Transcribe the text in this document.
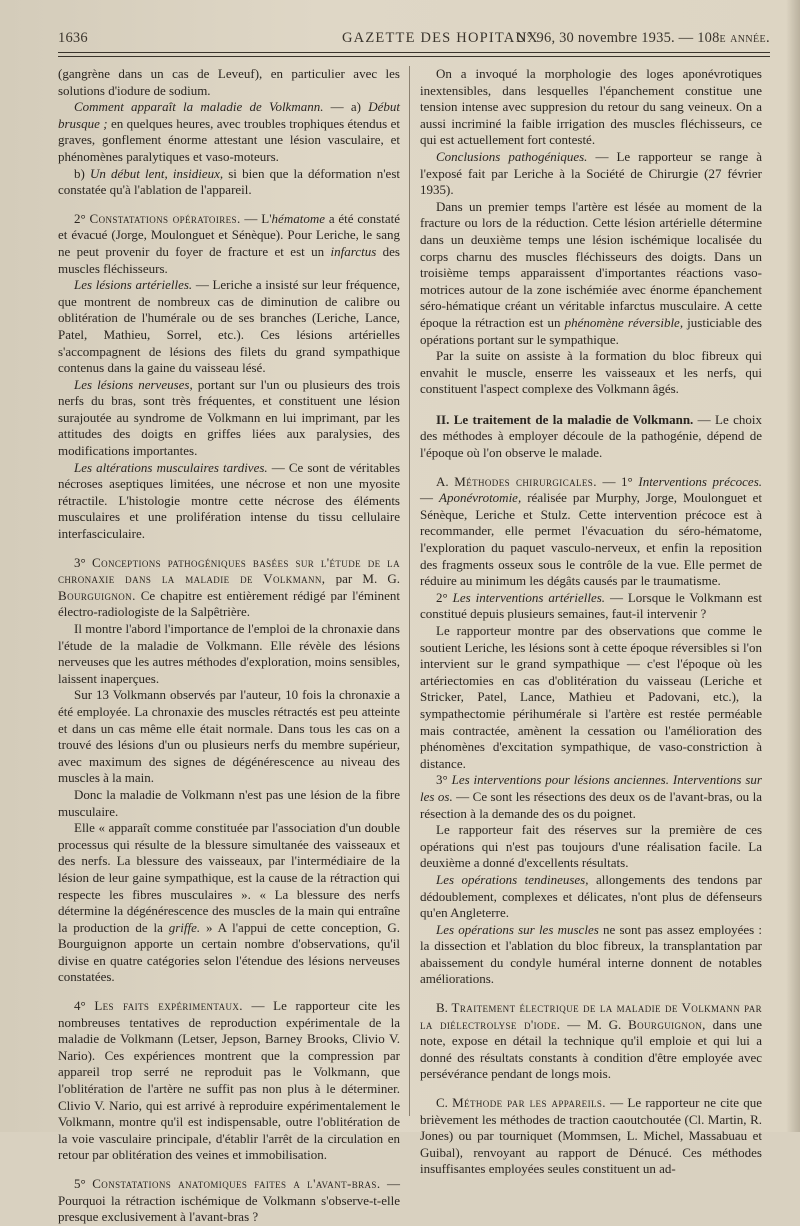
1636	GAZETTE DES HOPITAUX
N° 96, 30 novembre 1935. — 108e année.

(gangrène dans un cas de Leveuf), en particulier avec les solutions d'iodure de sodium.

Comment apparaît la maladie de Volkmann. — a) Début brusque ; en quelques heures, avec troubles trophiques étendus et graves, gonflement énorme attestant une lésion vasculaire, et phénomènes paralytiques et vaso-moteurs.

b) Un début lent, insidieux, si bien que la déformation n'est constatée qu'à l'ablation de l'appareil.

2° Constatations opératoires. — L'hématome a été constaté et évacué (Jorge, Moulonguet et Sénèque). Pour Leriche, le sang ne peut provenir du foyer de fracture et est un infarctus des muscles fléchisseurs.

Les lésions artérielles. — Leriche a insisté sur leur fréquence, que montrent de nombreux cas de diminution de calibre ou oblitération de l'humérale ou de ses branches (Leriche, Lance, Patel, Mathieu, Sorrel, etc.). Ces lésions artérielles s'accompagnent de lésions des filets du grand sympathique contenus dans la gaine du vaisseau lésé.

Les lésions nerveuses, portant sur l'un ou plusieurs des trois nerfs du bras, sont très fréquentes, et constituent une lésion surajoutée au syndrome de Volkmann en lui imprimant, par les attitudes des doigts en griffes liées aux paralysies, des modifications importantes.

Les altérations musculaires tardives. — Ce sont de véritables nécroses aseptiques limitées, une nécrose et non une myosite rétractile. L'histologie montre cette nécrose des éléments musculaires et une prolifération intense du tissu cellulaire interfasciculaire.

3° Conceptions pathogéniques basées sur l'étude de la chronaxie dans la maladie de Volkmann, par M. G. Bourguignon. Ce chapitre est entièrement rédigé par l'éminent électro-radiologiste de la Salpêtrière.

Il montre l'abord l'importance de l'emploi de la chronaxie dans l'étude de la maladie de Volkmann. Elle révèle des lésions nerveuses que les autres méthodes d'exploration, moins sensibles, laissent inaperçues.

Sur 13 Volkmann observés par l'auteur, 10 fois la chronaxie a été employée. La chronaxie des muscles rétractés est peu atteinte et dans un cas même elle était normale. Dans tous les cas on a trouvé des lésions d'un ou plusieurs nerfs du membre supérieur, avec maximum des signes de dégénérescence au niveau des muscles à la main.

Donc la maladie de Volkmann n'est pas une lésion de la fibre musculaire.

Elle « apparaît comme constituée par l'association d'un double processus qui résulte de la blessure simultanée des vaisseaux et des nerfs. La blessure des vaisseaux, par l'intermédiaire de la lésion de leur gaine sympathique, est la cause de la rétraction qui respecte les fibres musculaires ». « La blessure des nerfs détermine la dégénérescence des muscles de la main qui entraîne la production de la griffe. » A l'appui de cette conception, G. Bourguignon apporte un certain nombre d'observations, qu'il divise en quatre catégories selon l'étendue des lésions nerveuses constatées.

4° Les faits expérimentaux. — Le rapporteur cite les nombreuses tentatives de reproduction expérimentale de la maladie de Volkmann (Letser, Jepson, Barney Brooks, Clivio V. Nario). Ces expériences montrent que la compression par appareil trop serré ne reproduit pas le Volkmann, que l'oblitération de l'artère ne suffit pas non plus à le déterminer. Clivio V. Nario, qui est arrivé à reproduire expérimentalement le Volkmann, montre qu'il est indispensable, outre l'oblitération de la voie vasculaire principale, d'établir l'arrêt de la circulation en retour par oblitération des veines et immobilisation.

5° Constatations anatomiques faites a l'avant-bras. — Pourquoi la rétraction ischémique de Volkmann s'observe-t-elle presque exclusivement à l'avant-bras ?

On a invoqué la morphologie des loges aponévrotiques inextensibles, dans lesquelles l'épanchement constitue une tension intense avec suppresion du retour du sang veineux. On a aussi incriminé la faible irrigation des muscles fléchisseurs, ce qui est actuellement fort contesté.

Conclusions pathogéniques. — Le rapporteur se range à l'exposé fait par Leriche à la Société de Chirurgie (27 février 1935).

Dans un premier temps l'artère est lésée au moment de la fracture ou lors de la réduction. Cette lésion artérielle détermine dans un deuxième temps une lésion ischémique localisée du corps charnu des muscles fléchisseurs des doigts. Dans un troisième temps apparaissent d'importantes réactions vaso-motrices autour de la zone ischémiée avec énorme épanchement séro-hématique créant un véritable infarctus musculaire. A cette époque la rétraction est un phénomène réversible, justiciable des opérations portant sur le sympathique.

Par la suite on assiste à la formation du bloc fibreux qui envahit le muscle, enserre les vaisseaux et les nerfs, qui constituent l'aspect complexe des Volkmann âgés.

II. Le traitement de la maladie de Volkmann. — Le choix des méthodes à employer découle de la pathogénie, dépend de l'époque où l'on observe le malade.

A. Méthodes chirurgicales. — 1° Interventions précoces. — Aponévrotomie, réalisée par Murphy, Jorge, Moulonguet et Sénèque, Leriche et Stulz. Cette intervention précoce est à recommander, elle permet l'évacuation du séro-hématome, l'exploration du paquet vasculo-nerveux, et enfin la reposition des fragments osseux sous le contrôle de la vue. Elle permet de réduire au minimum les dégâts causés par le traumatisme.

2° Les interventions artérielles. — Lorsque le Volkmann est constitué depuis plusieurs semaines, faut-il intervenir ?

Le rapporteur montre par des observations que comme le soutient Leriche, les lésions sont à cette époque réversibles si l'on intervient sur le grand sympathique — c'est l'époque où les artériectomies en cas d'oblitération du vaisseau (Leriche et Stricker, Patel, Lance, Mathieu et Padovani, etc.), la sympathectomie périhumérale si l'artère est restée perméable mais contractée, amènent la cessation ou l'amélioration des phénomènes d'excitation sympathique, de vaso-constriction à distance.

3° Les interventions pour lésions anciennes. Interventions sur les os. — Ce sont les résections des deux os de l'avant-bras, ou la résection à la demande des os du poignet.

Le rapporteur fait des réserves sur la première de ces opérations qui n'est pas toujours d'une réalisation facile. La deuxième a donné d'excellents résultats.

Les opérations tendineuses, allongements des tendons par dédoublement, complexes et délicates, n'ont plus de défenseurs qu'en Angleterre.

Les opérations sur les muscles ne sont pas assez employées : la dissection et l'ablation du bloc fibreux, la transplantation par abaissement du condyle huméral interne donnent de notables améliorations.

B. Traitement électrique de la maladie de Volkmann par la diélectrolyse d'iode. — M. G. Bourguignon, dans une note, expose en détail la technique qu'il emploie et qui lui a donné des résultats constants à condition d'être employée avec persévérance pendant de longs mois.

C. Méthode par les appareils. — Le rapporteur ne cite que brièvement les méthodes de traction caoutchoutée (Cl. Martin, R. Jones) ou par tourniquet (Mommsen, L. Michel, Massabuau et Guibal), renvoyant au rapport de Dénucé. Ces méthodes insuffisantes employées seules constituent un ad-
